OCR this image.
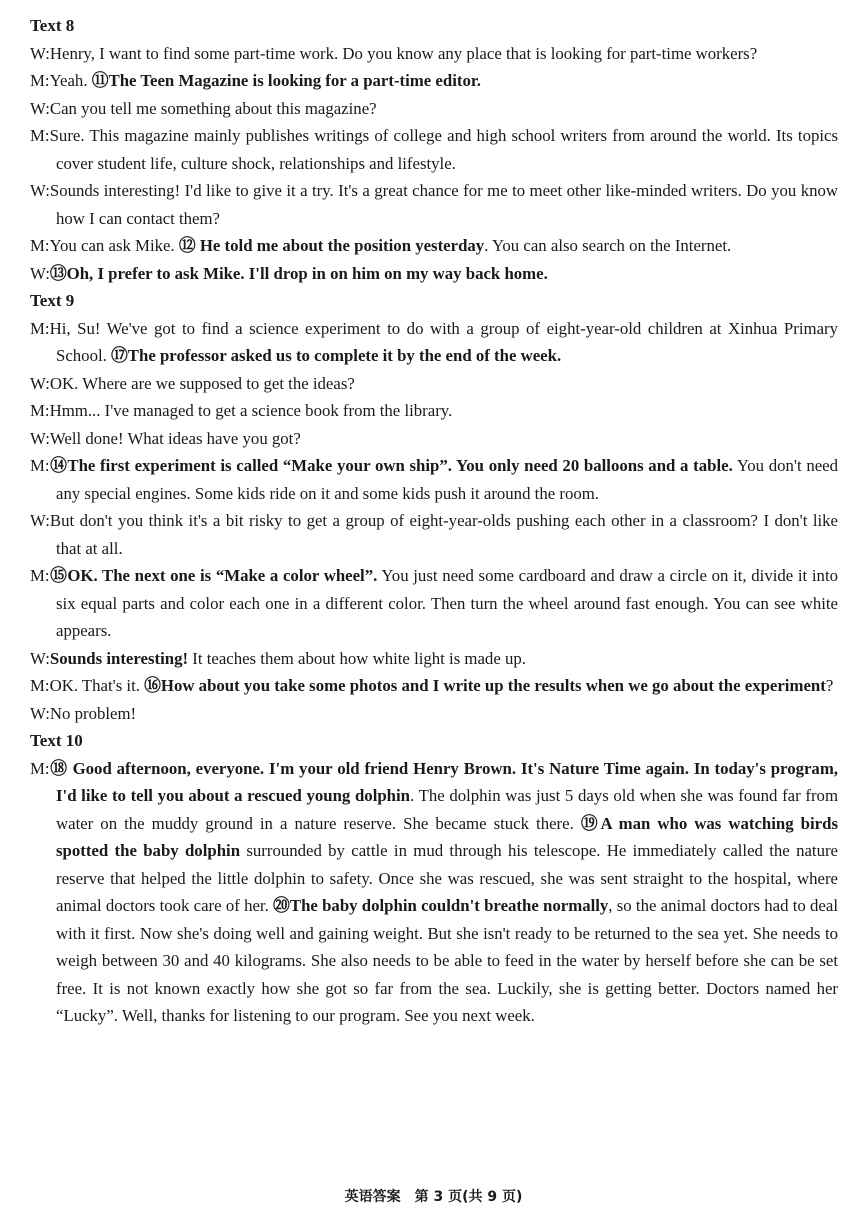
Text 8
W:Henry, I want to find some part-time work. Do you know any place that is looking for part-time workers?
M:Yeah. ⑪The Teen Magazine is looking for a part-time editor.
W:Can you tell me something about this magazine?
M:Sure. This magazine mainly publishes writings of college and high school writers from around the world. Its topics cover student life, culture shock, relationships and lifestyle.
W:Sounds interesting! I'd like to give it a try. It's a great chance for me to meet other like-minded writers. Do you know how I can contact them?
M:You can ask Mike. ⑫ He told me about the position yesterday. You can also search on the Internet.
W:⑬Oh, I prefer to ask Mike. I'll drop in on him on my way back home.
Text 9
M:Hi, Su! We've got to find a science experiment to do with a group of eight-year-old children at Xinhua Primary School. ⑰The professor asked us to complete it by the end of the week.
W:OK. Where are we supposed to get the ideas?
M:Hmm... I've managed to get a science book from the library.
W:Well done! What ideas have you got?
M:⑭The first experiment is called “Make your own ship”. You only need 20 balloons and a table. You don't need any special engines. Some kids ride on it and some kids push it around the room.
W:But don't you think it's a bit risky to get a group of eight-year-olds pushing each other in a classroom? I don't like that at all.
M:⑮OK. The next one is “Make a color wheel”. You just need some cardboard and draw a circle on it, divide it into six equal parts and color each one in a different color. Then turn the wheel around fast enough. You can see white appears.
W:Sounds interesting! It teaches them about how white light is made up.
M:OK. That's it. ⑯How about you take some photos and I write up the results when we go about the experiment?
W:No problem!
Text 10
M:⑱ Good afternoon, everyone. I'm your old friend Henry Brown. It's Nature Time again. In today's program, I'd like to tell you about a rescued young dolphin. The dolphin was just 5 days old when she was found far from water on the muddy ground in a nature reserve. She became stuck there. ⑲A man who was watching birds spotted the baby dolphin surrounded by cattle in mud through his telescope. He immediately called the nature reserve that helped the little dolphin to safety. Once she was rescued, she was sent straight to the hospital, where animal doctors took care of her. ⑳The baby dolphin couldn't breathe normally, so the animal doctors had to deal with it first. Now she's doing well and gaining weight. But she isn't ready to be returned to the sea yet. She needs to weigh between 30 and 40 kilograms. She also needs to be able to feed in the water by herself before she can be set free. It is not known exactly how she got so far from the sea. Luckily, she is getting better. Doctors named her “Lucky”. Well, thanks for listening to our program. See you next week.
英语答案　第 3 页(共 9 页)
